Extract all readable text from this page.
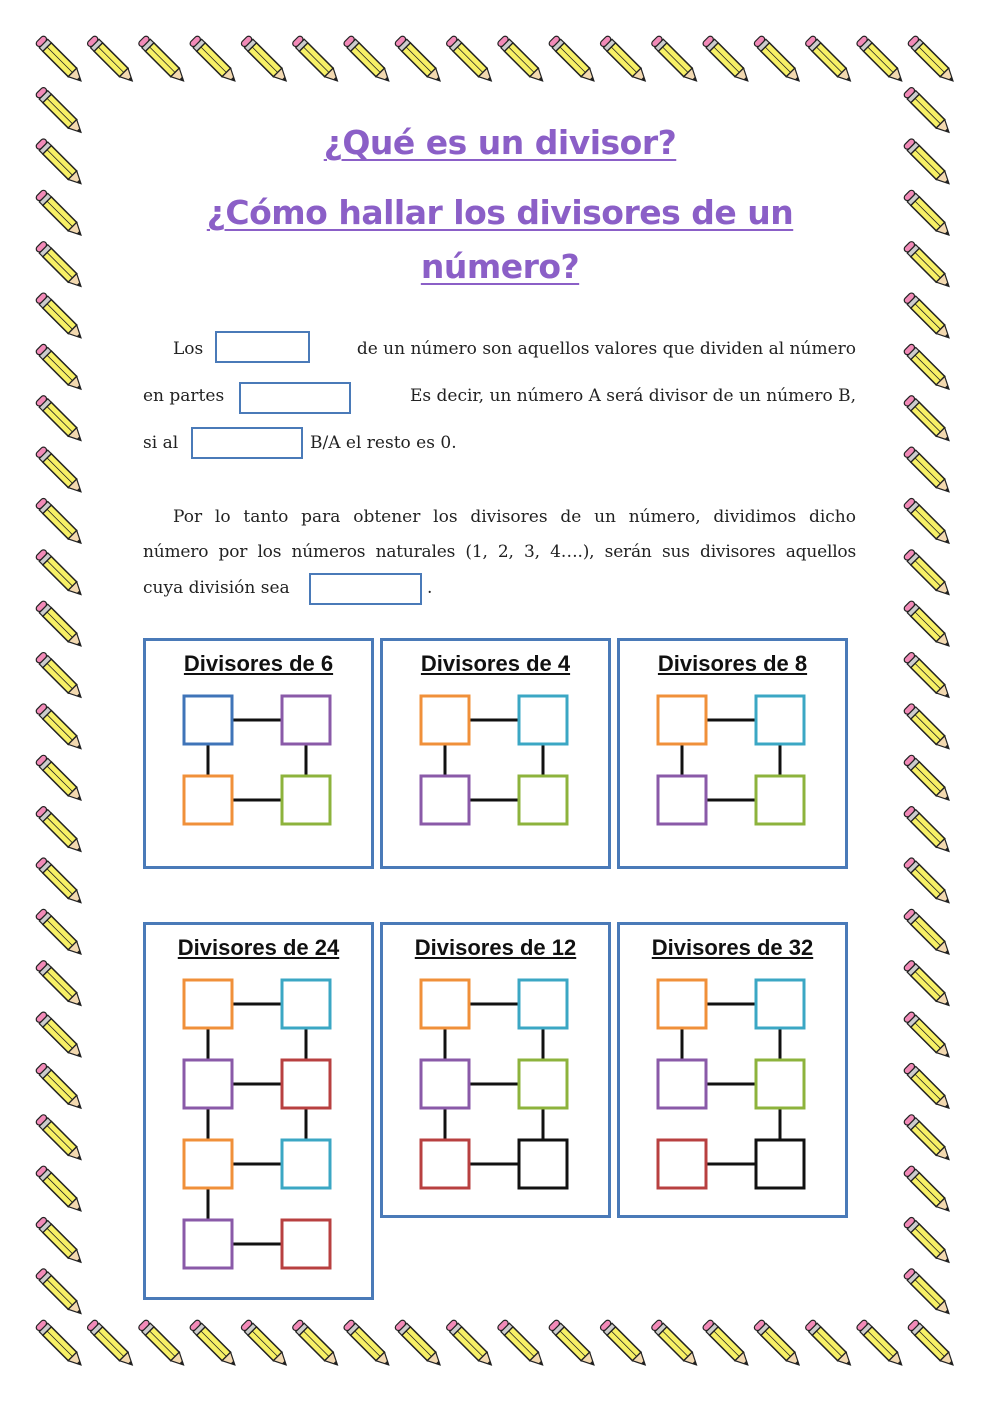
¿Qué es un divisor?
¿Cómo hallar los divisores de un
número?
Los	de un número son aquellos valores que dividen al número
en partes	Es decir, un número A será divisor de un número B,
si al	B/A el resto es 0.
Por lo tanto para obtener los divisores de un número, dividimos dicho
número por los números naturales (1, 2, 3, 4….), serán sus divisores aquellos
cuya división sea	.
Divisores de 6	Divisores de 4	Divisores de 8
Divisores de 24	Divisores de 12	Divisores de 32
